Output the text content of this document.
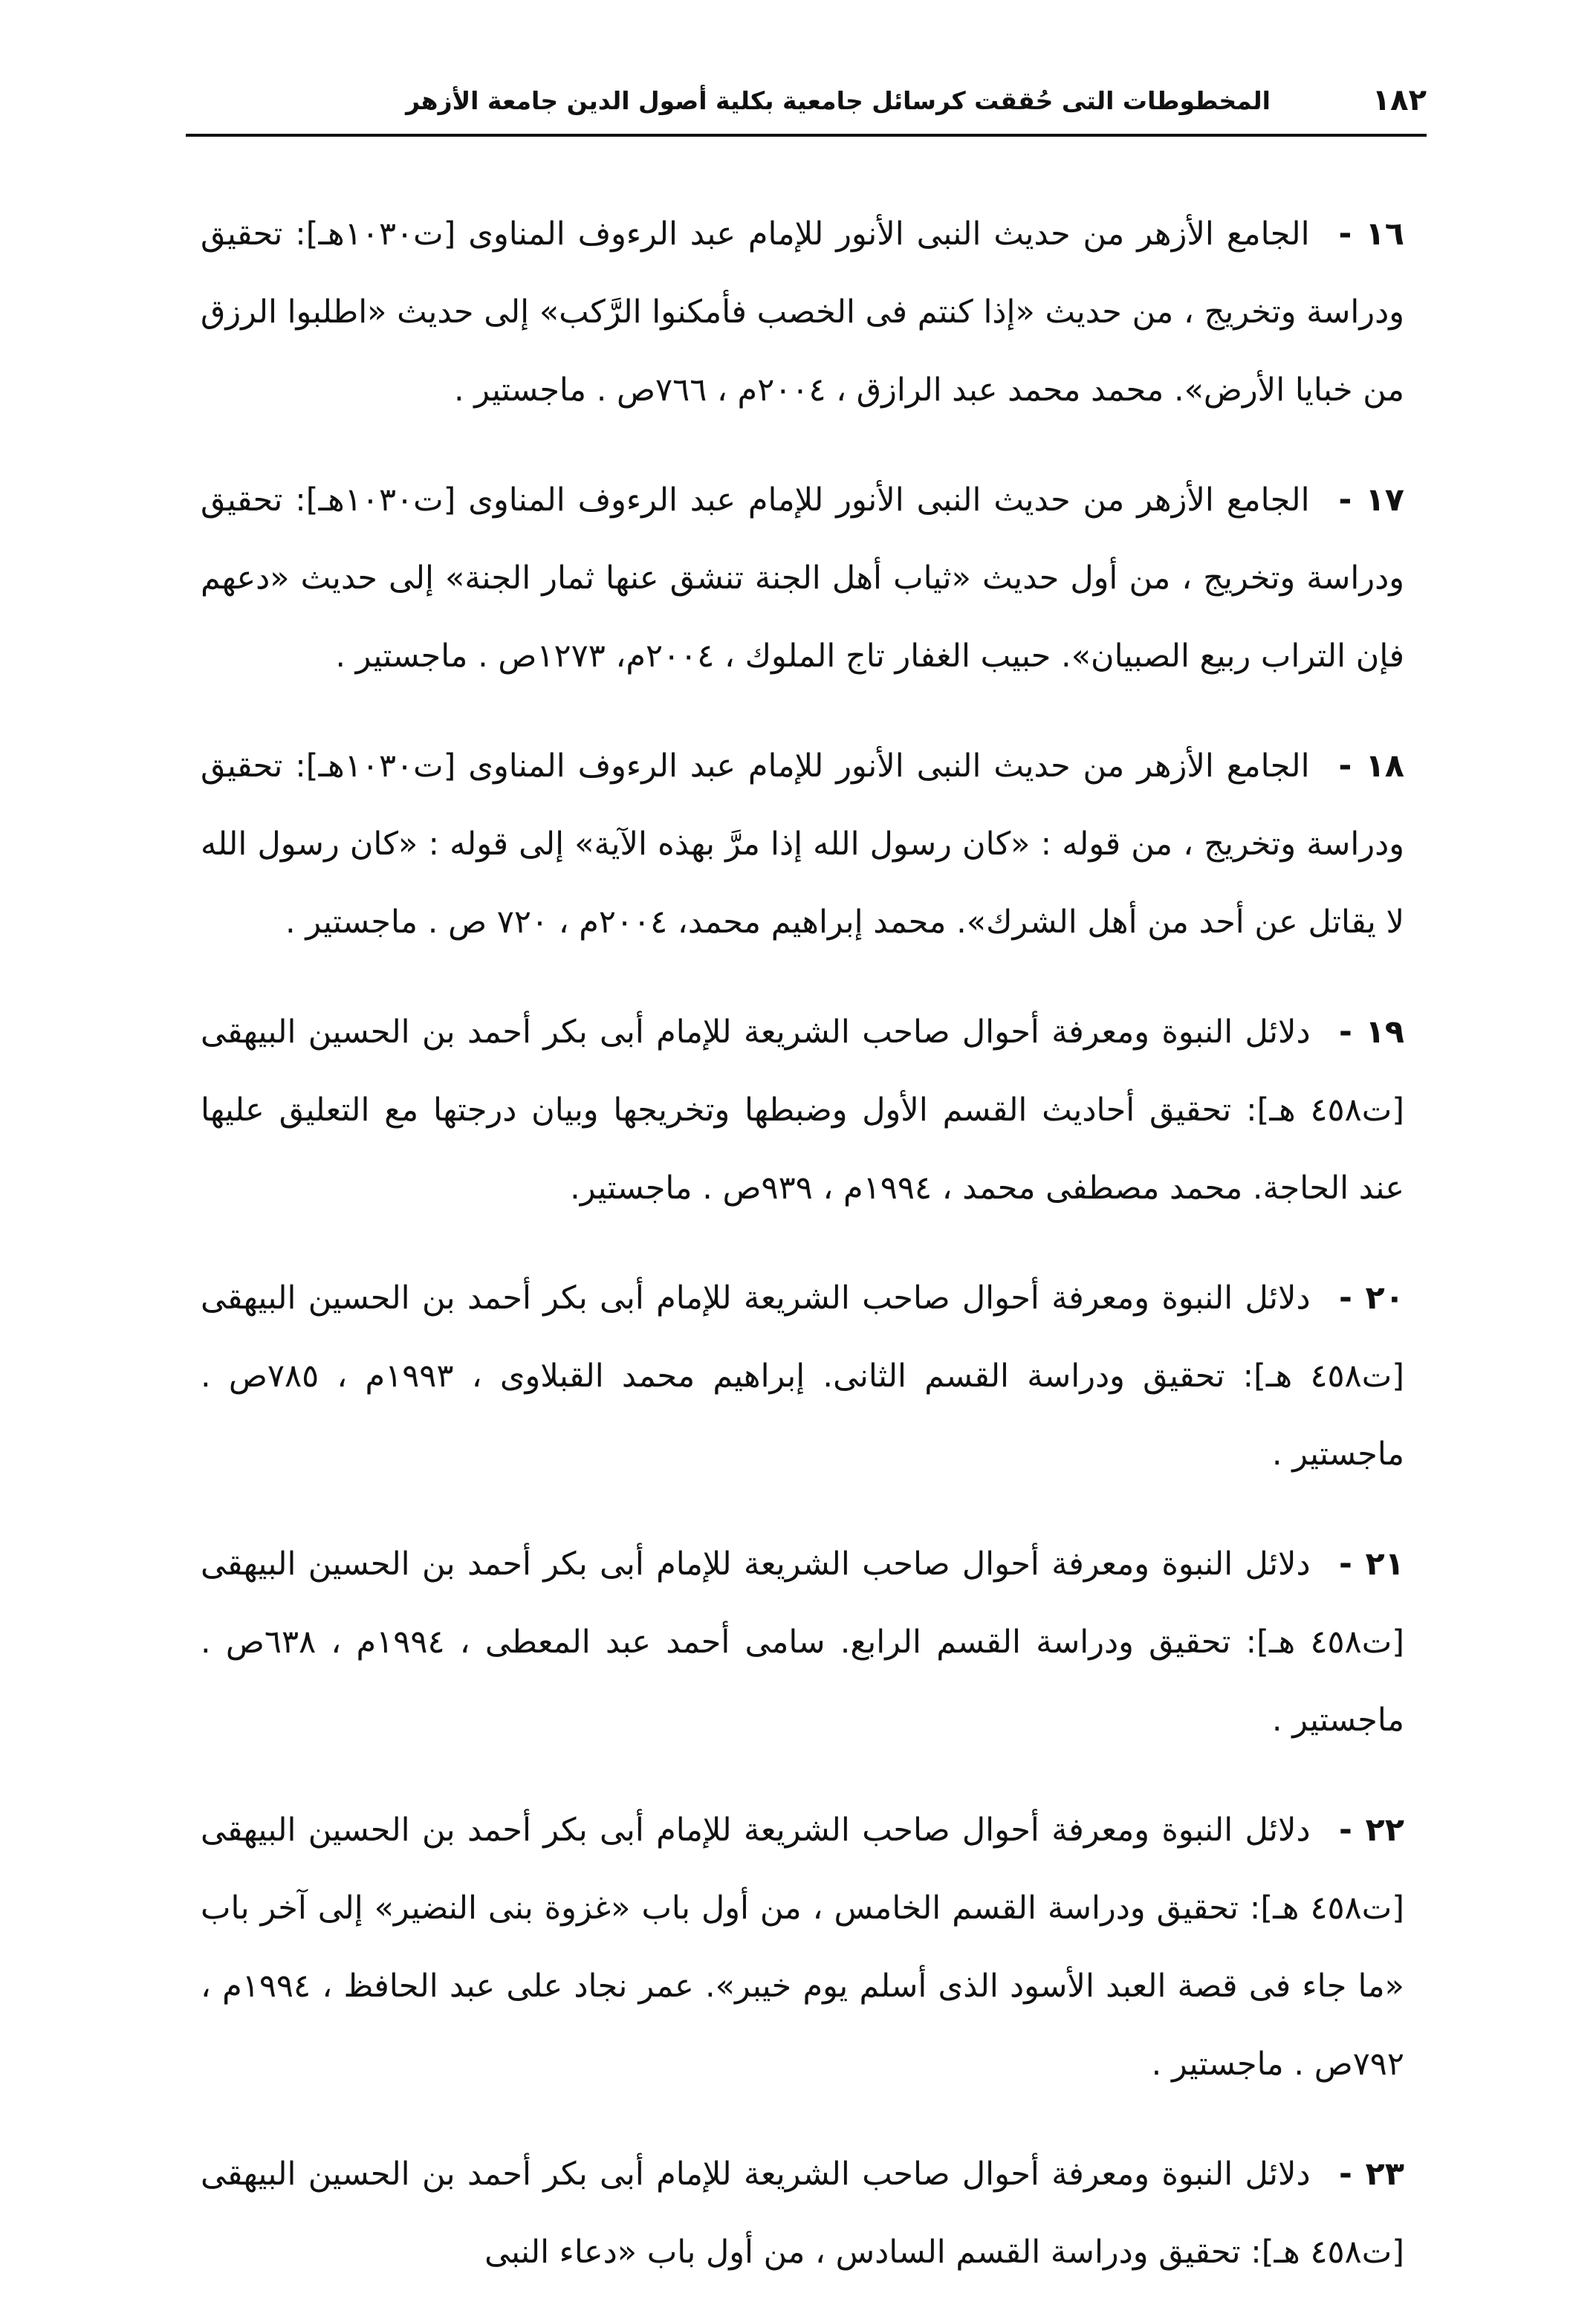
١٨٢
المخطوطات التى حُققت كرسائل جامعية بكلية أصول الدين جامعة الأزهر

١٦ - الجامع الأزهر من حديث النبى الأنور للإمام عبد الرءوف المناوى [ت١٠٣٠هـ]: تحقيق ودراسة وتخريج ، من حديث «إذا كنتم فى الخصب فأمكنوا الرَّكب» إلى حديث «اطلبوا الرزق من خبايا الأرض». محمد محمد عبد الرازق ، ٢٠٠٤م ، ٧٦٦ص . ماجستير .

١٧ - الجامع الأزهر من حديث النبى الأنور للإمام عبد الرءوف المناوى [ت١٠٣٠هـ]: تحقيق ودراسة وتخريج ، من أول حديث «ثياب أهل الجنة تنشق عنها ثمار الجنة» إلى حديث «دعهم فإن التراب ربيع الصبيان». حبيب الغفار تاج الملوك ، ٢٠٠٤م، ١٢٧٣ص . ماجستير .

١٨ - الجامع الأزهر من حديث النبى الأنور للإمام عبد الرءوف المناوى [ت١٠٣٠هـ]: تحقيق ودراسة وتخريج ، من قوله : «كان رسول الله إذا مرَّ بهذه الآية» إلى قوله : «كان رسول الله لا يقاتل عن أحد من أهل الشرك». محمد إبراهيم محمد، ٢٠٠٤م ، ٧٢٠ ص . ماجستير .

١٩ - دلائل النبوة ومعرفة أحوال صاحب الشريعة للإمام أبى بكر أحمد بن الحسين البيهقى [ت٤٥٨ هـ]: تحقيق أحاديث القسم الأول وضبطها وتخريجها وبيان درجتها مع التعليق عليها عند الحاجة. محمد مصطفى محمد ، ١٩٩٤م ، ٩٣٩ص . ماجستير.

٢٠ - دلائل النبوة ومعرفة أحوال صاحب الشريعة للإمام أبى بكر أحمد بن الحسين البيهقى [ت٤٥٨ هـ]: تحقيق ودراسة القسم الثانى. إبراهيم محمد القبلاوى ، ١٩٩٣م ، ٧٨٥ص . ماجستير .

٢١ - دلائل النبوة ومعرفة أحوال صاحب الشريعة للإمام أبى بكر أحمد بن الحسين البيهقى [ت٤٥٨ هـ]: تحقيق ودراسة القسم الرابع. سامى أحمد عبد المعطى ، ١٩٩٤م ، ٦٣٨ص . ماجستير .

٢٢ - دلائل النبوة ومعرفة أحوال صاحب الشريعة للإمام أبى بكر أحمد بن الحسين البيهقى [ت٤٥٨ هـ]: تحقيق ودراسة القسم الخامس ، من أول باب «غزوة بنى النضير» إلى آخر باب «ما جاء فى قصة العبد الأسود الذى أسلم يوم خيبر». عمر نجاد على عبد الحافظ ، ١٩٩٤م ، ٧٩٢ص . ماجستير .

٢٣ - دلائل النبوة ومعرفة أحوال صاحب الشريعة للإمام أبى بكر أحمد بن الحسين البيهقى [ت٤٥٨ هـ]: تحقيق ودراسة القسم السادس ، من أول باب «دعاء النبى
